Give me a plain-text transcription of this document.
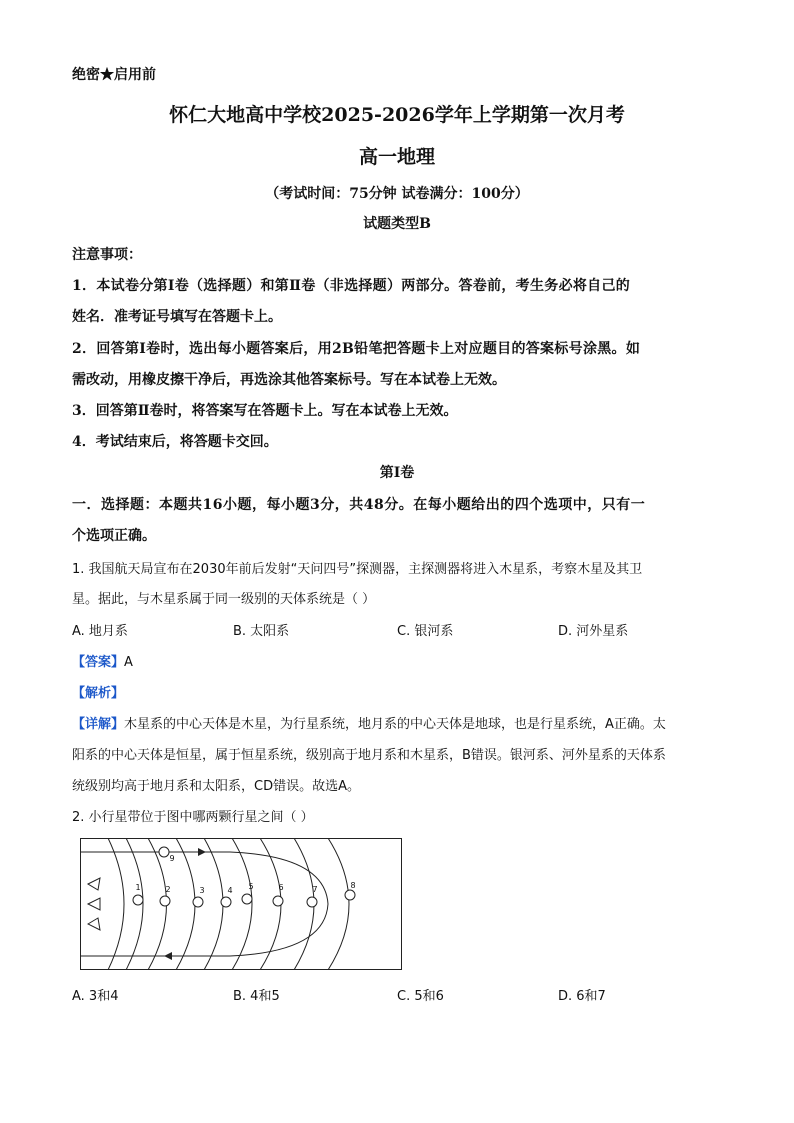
绝密★启用前
怀仁大地高中学校2025-2026学年上学期第一次月考
高一地理
（考试时间：75分钟 试卷满分：100分）
试题类型B
注意事项：
1．本试卷分第Ⅰ卷（选择题）和第Ⅱ卷（非选择题）两部分。答卷前，考生务必将自己的
姓名．准考证号填写在答题卡上。
2．回答第Ⅰ卷时，选出每小题答案后，用2B铅笔把答题卡上对应题目的答案标号涂黑。如
需改动，用橡皮擦干净后，再选涂其他答案标号。写在本试卷上无效。
3．回答第Ⅱ卷时，将答案写在答题卡上。写在本试卷上无效。
4．考试结束后，将答题卡交回。
第Ⅰ卷
一．选择题：本题共16小题，每小题3分，共48分。在每小题给出的四个选项中，只有一
个选项正确。
1. 我国航天局宣布在2030年前后发射“天问四号”探测器，主探测器将进入木星系，考察木星及其卫
星。据此，与木星系属于同一级别的天体系统是（ ）
A. 地月系	B. 太阳系	C. 银河系	D. 河外星系
【答案】A
【解析】
【详解】木星系的中心天体是木星，为行星系统，地月系的中心天体是地球，也是行星系统，A正确。太
阳系的中心天体是恒星，属于恒星系统，级别高于地月系和木星系，B错误。银河系、河外星系的天体系
统级别均高于地月系和太阳系，CD错误。故选A。
2. 小行星带位于图中哪两颗行星之间（ ）
1	2	3	4 5	6	7	8
9
A. 3和4	B. 4和5	C. 5和6	D. 6和7
